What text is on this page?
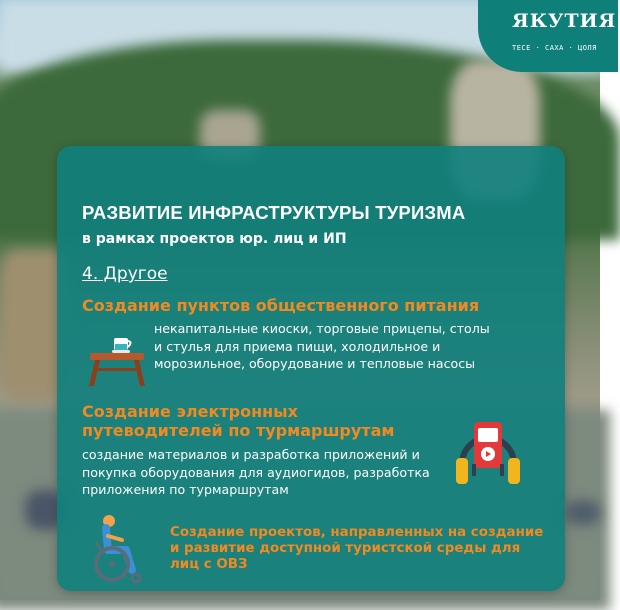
ЯКУТИЯ
ТЕСЕ · САХА · ЦОЛЯ
РАЗВИТИЕ ИНФРАСТРУКТУРЫ ТУРИЗМА
в рамках проектов юр. лиц и ИП
4. Другое
Создание пунктов общественного питания
некапитальные киоски, торговые прицепы, столы и стулья для приема пищи, холодильное и морозильное, оборудование и тепловые насосы
Создание электронных путеводителей по турмаршрутам
создание материалов и разработка приложений и покупка оборудования для аудиогидов, разработка приложения по турмаршрутам
Создание проектов, направленных на создание и развитие доступной туристской среды для лиц с ОВЗ
